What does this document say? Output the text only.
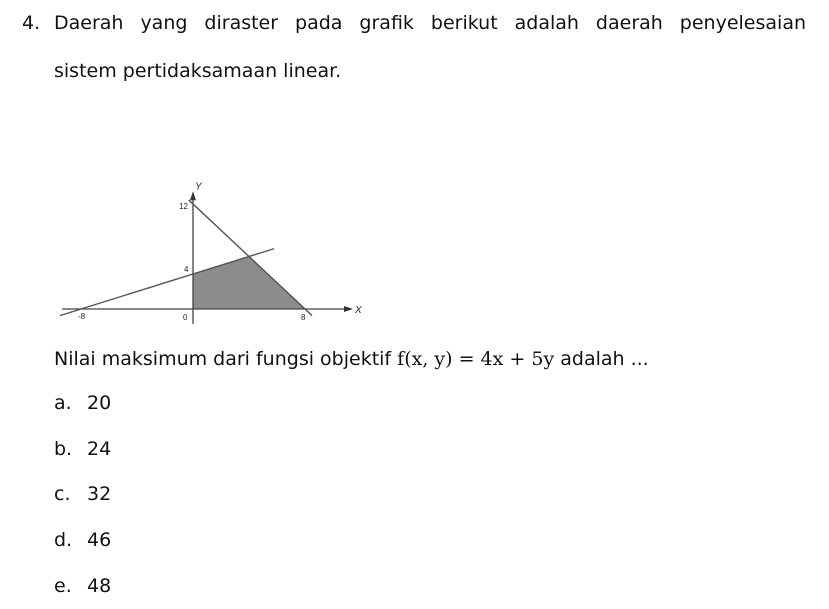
4. Daerah yang diraster pada grafik berikut adalah daerah penyelesaian
sistem pertidaksamaan linear.
-8	0	8
4
12
X
Y
Nilai maksimum dari fungsi objektif f(x, y) = 4x + 5y adalah ...
a. 20
b. 24
c. 32
d. 46
e. 48
